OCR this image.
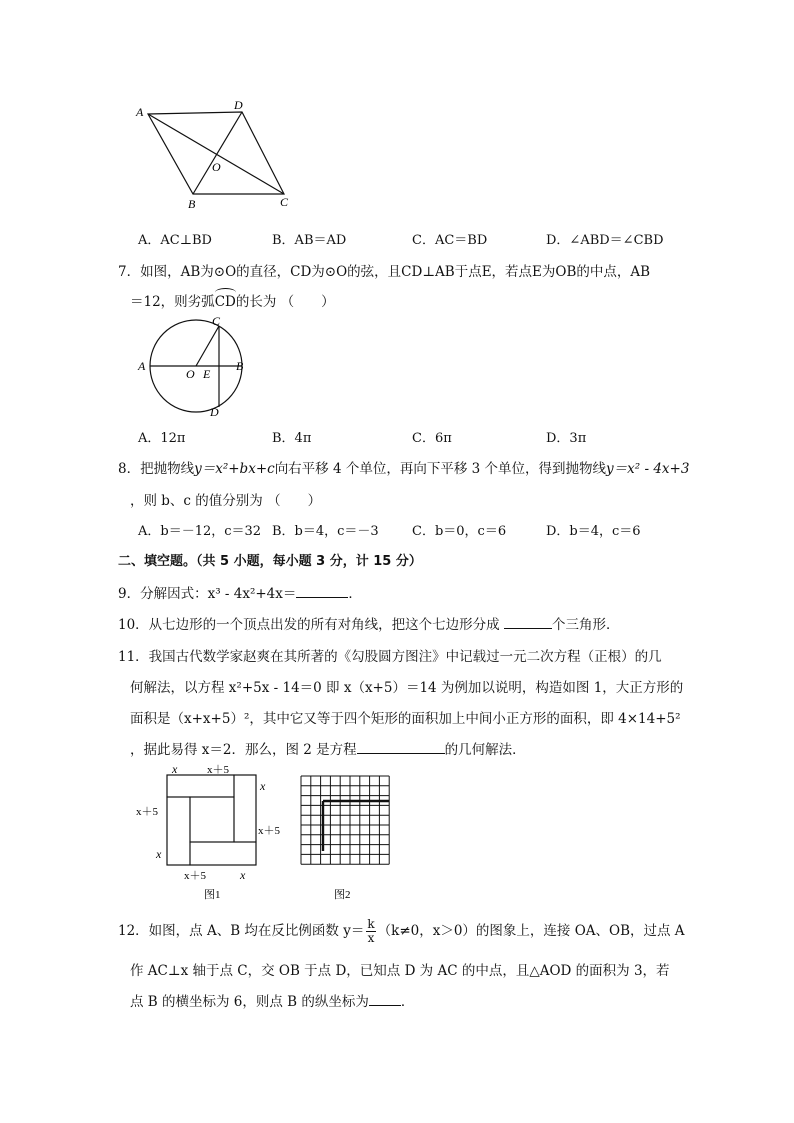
A	D
O
B	C
A．AC⊥BD	B．AB＝AD	C．AC＝BD	D．∠ABD＝∠CBD
7．如图，AB为⊙O的直径，CD为⊙O的弦，且CD⊥AB于点E，若点E为OB的中点，AB
＝12，则劣弧
CD的长为 （　　）
A
O E
B
C
D
A．12π	B．4π	C．6π	D．3π
8．把抛物线y＝x²+bx+c向右平移 4 个单位，再向下平移 3 个单位，得到抛物线y＝x² - 4x+3
，则 b、c 的值分别为 （　　）
A．b＝－12，c＝32 B．b＝4，c＝－3	C．b＝0，c＝6	D．b＝4，c＝6
二、填空题。（共 5 小题，每小题 3 分，计 15 分）
9．分解因式：x³ - 4x²+4x＝	．
10．从七边形的一个顶点出发的所有对角线，把这个七边形分成	个三角形．
11．我国古代数学家赵爽在其所著的《勾股圆方图注》中记载过一元二次方程（正根）的几
何解法，以方程 x²+5x - 14＝0 即 x（x+5）＝14 为例加以说明，构造如图 1，大正方形的
面积是（x+x+5）²，其中它又等于四个矩形的面积加上中间小正方形的面积，即 4×14+5²
，据此易得 x＝2．那么，图 2 是方程	的几何解法．
x	x＋5
x
x＋5
x＋5
x
x＋5	x
图1	图2
12．如图，点 A、B 均在反比例函数 $y= \frac{k}{x} (k\ne 0$，x＞0）的图象上，连接 OA、OB，过点 A
作 AC⊥x 轴于点 C，交 OB 于点 D，已知点 D 为 AC 的中点，且△AOD 的面积为 3，若
点 B 的横坐标为 6，则点 B 的纵坐标为 ．
